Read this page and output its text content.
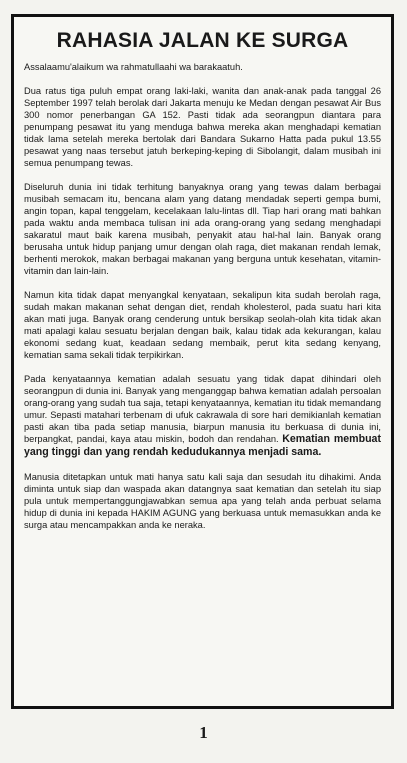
RAHASIA JALAN KE SURGA

Assalaamu'alaikum wa rahmatullaahi wa barakaatuh.

Dua ratus tiga puluh empat orang laki-laki, wanita dan anak-anak pada tanggal 26 September 1997 telah berolak dari Jakarta menuju ke Medan dengan pesawat Air Bus 300 nomor penerbangan GA 152. Pasti tidak ada seorangpun diantara para penumpang pesawat itu yang menduga bahwa mereka akan menghadapi kematian tidak lama setelah mereka bertolak dari Bandara Sukarno Hatta pada pukul 13.55 pesawat yang naas tersebut jatuh berkeping-keping di Sibolangit, dalam musibah ini semua penumpang tewas.

Diseluruh dunia ini tidak terhitung banyaknya orang yang tewas dalam berbagai musibah semacam itu, bencana alam yang datang mendadak seperti gempa bumi, angin topan, kapal tenggelam, kecelakaan lalu-lintas dll. Tiap hari orang mati bahkan pada waktu anda membaca tulisan ini ada orang-orang yang sedang menghadapi sakaratul maut baik karena musibah, penyakit atau hal-hal lain. Banyak orang berusaha untuk hidup panjang umur dengan olah raga, diet makanan rendah lemak, berhenti merokok, makan berbagai makanan yang berguna untuk kesehatan, vitamin-vitamin dan lain-lain.

Namun kita tidak dapat menyangkal kenyataan, sekalipun kita sudah berolah raga, sudah makan makanan sehat dengan diet, rendah kholesterol, pada suatu hari kita akan mati juga. Banyak orang cenderung untuk bersikap seolah-olah kita tidak akan mati apalagi kalau sesuatu berjalan dengan baik, kalau tidak ada kekurangan, kalau ekonomi sedang kuat, keadaan sedang membaik, perut kita sedang kenyang, kematian sama sekali tidak terpikirkan.

Pada kenyataannya kematian adalah sesuatu yang tidak dapat dihindari oleh seorangpun di dunia ini. Banyak yang menganggap bahwa kematian adalah persoalan orang-orang yang sudah tua saja, tetapi kenyataannya, kematian itu tidak memandang umur. Sepasti matahari terbenam di ufuk cakrawala di sore hari demikianlah kematian pasti akan tiba pada setiap manusia, biarpun manusia itu berkuasa di dunia ini, berpangkat, pandai, kaya atau miskin, bodoh dan rendahan. Kematian membuat yang tinggi dan yang rendah kedudukannya menjadi sama.

Manusia ditetapkan untuk mati hanya satu kali saja dan sesudah itu dihakimi. Anda diminta untuk siap dan waspada akan datangnya saat kematian dan setelah itu siap pula untuk mempertanggungjawabkan semua apa yang telah anda perbuat selama hidup di dunia ini kepada HAKIM AGUNG yang berkuasa untuk memasukkan anda ke surga atau mencampakkan anda ke neraka.

1
